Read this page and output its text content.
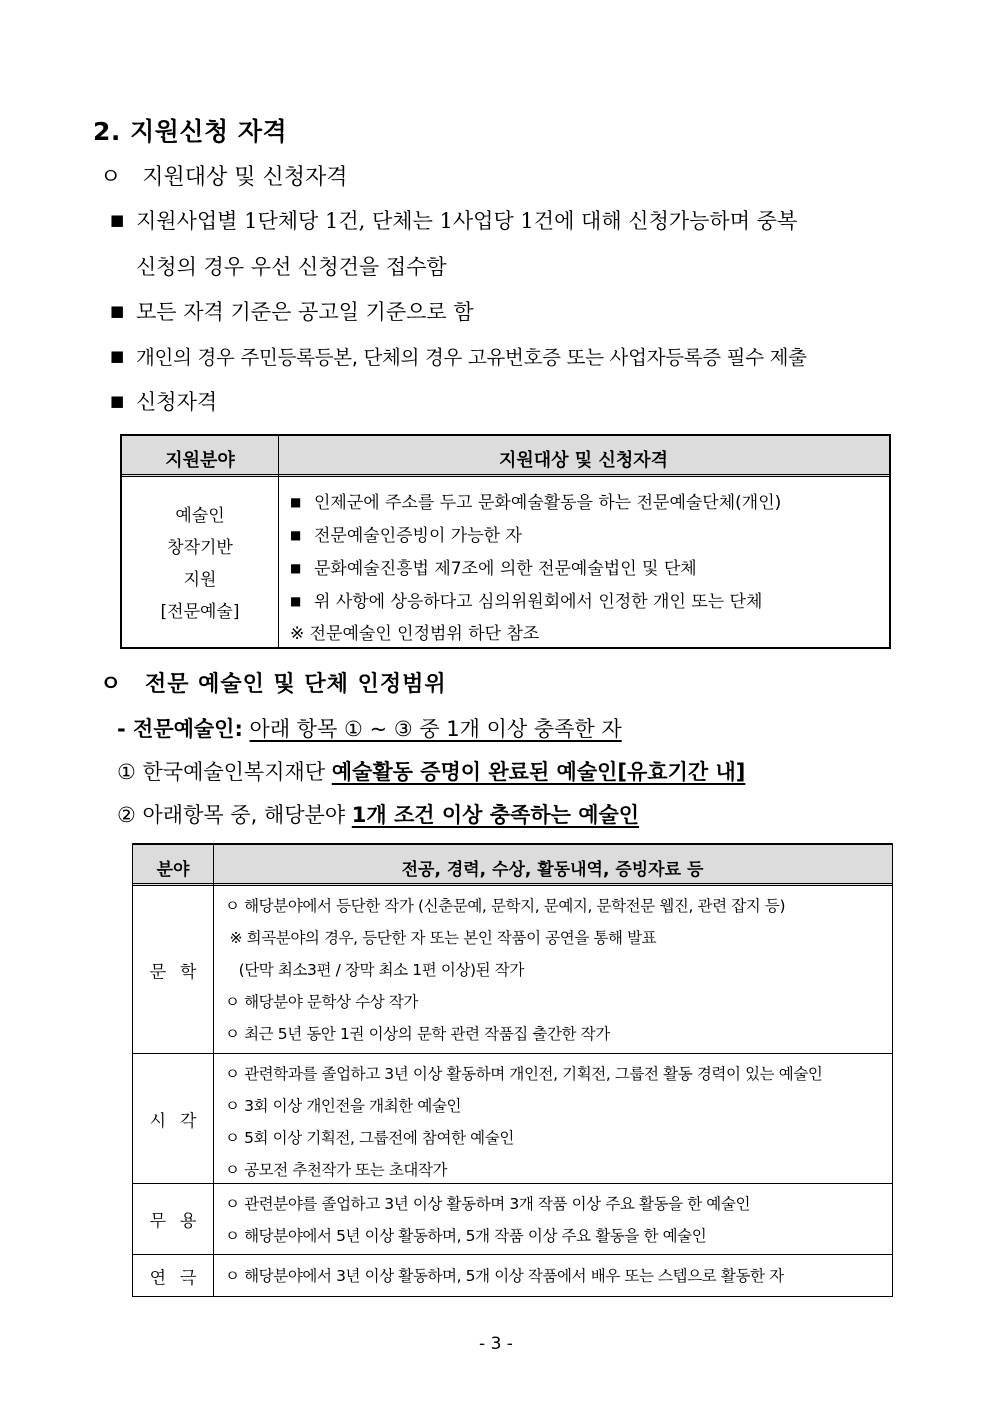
2. 지원신청 자격
ㅇ 지원대상 및 신청자격
■ 지원사업별 1단체당 1건, 단체는 1사업당 1건에 대해 신청가능하며 중복
신청의 경우 우선 신청건을 접수함
■ 모든 자격 기준은 공고일 기준으로 함
■ 개인의 경우 주민등록등본, 단체의 경우 고유번호증 또는 사업자등록증 필수 제출
■ 신청자격
지원분야	지원대상 및 신청자격
예술인
창작기반
지원
[전문예술]
■ 인제군에 주소를 두고 문화예술활동을 하는 전문예술단체(개인)
■ 전문예술인증빙이 가능한 자
■ 문화예술진흥법 제7조에 의한 전문예술법인 및 단체
■ 위 사항에 상응하다고 심의위원회에서 인정한 개인 또는 단체
※ 전문예술인 인정범위 하단 참조
ㅇ 전문 예술인 및 단체 인정범위
- 전문예술인: 아래 항목 ① ~ ③ 중 1개 이상 충족한 자
① 한국예술인복지재단 예술활동 증명이 완료된 예술인[유효기간 내]
② 아래항목 중, 해당분야 1개 조건 이상 충족하는 예술인
분야	전공, 경력, 수상, 활동내역, 증빙자료 등
문학
ㅇ 해당분야에서 등단한 작가 (신춘문예, 문학지, 문예지, 문학전문 웹진, 관련 잡지 등)
※ 희곡분야의 경우, 등단한 자 또는 본인 작품이 공연을 통해 발표
(단막 최소3편 / 장막 최소 1편 이상)된 작가
ㅇ 해당분야 문학상 수상 작가
ㅇ 최근 5년 동안 1권 이상의 문학 관련 작품집 출간한 작가
시각
ㅇ 관련학과를 졸업하고 3년 이상 활동하며 개인전, 기획전, 그룹전 활동 경력이 있는 예술인
ㅇ 3회 이상 개인전을 개최한 예술인
ㅇ 5회 이상 기획전, 그룹전에 참여한 예술인
ㅇ 공모전 추천작가 또는 초대작가
무용
ㅇ 관련분야를 졸업하고 3년 이상 활동하며 3개 작품 이상 주요 활동을 한 예술인
ㅇ 해당분야에서 5년 이상 활동하며, 5개 작품 이상 주요 활동을 한 예술인
연극 ㅇ 해당분야에서 3년 이상 활동하며, 5개 이상 작품에서 배우 또는 스텝으로 활동한 자
- 3 -
